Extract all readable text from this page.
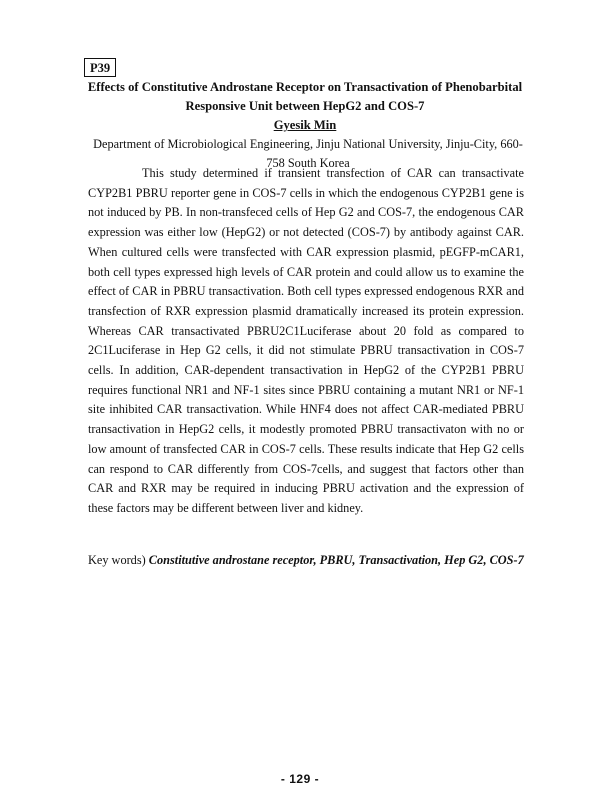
P39
Effects of Constitutive Androstane Receptor on Transactivation of Phenobarbital Responsive Unit between HepG2 and COS-7
Gyesik Min
Department of Microbiological Engineering, Jinju National University, Jinju-City, 660-758 South Korea

This study determined if transient transfection of CAR can transactivate CYP2B1 PBRU reporter gene in COS-7 cells in which the endogenous CYP2B1 gene is not induced by PB. In non-transfeced cells of Hep G2 and COS-7, the endogenous CAR expression was either low (HepG2) or not detected (COS-7) by antibody against CAR. When cultured cells were transfected with CAR expression plasmid, pEGFP-mCAR1, both cell types expressed high levels of CAR protein and could allow us to examine the effect of CAR in PBRU transactivation. Both cell types expressed endogenous RXR and transfection of RXR expression plasmid dramatically increased its protein expression. Whereas CAR transactivated PBRU2C1Luciferase about 20 fold as compared to 2C1Luciferase in Hep G2 cells, it did not stimulate PBRU transactivation in COS-7 cells. In addition, CAR-dependent transactivation in HepG2 of the CYP2B1 PBRU requires functional NR1 and NF-1 sites since PBRU containing a mutant NR1 or NF-1 site inhibited CAR transactivation. While HNF4 does not affect CAR-mediated PBRU transactivation in HepG2 cells, it modestly promoted PBRU transactivaton with no or low amount of transfected CAR in COS-7 cells. These results indicate that Hep G2 cells can respond to CAR differently from COS-7cells, and suggest that factors other than CAR and RXR may be required in inducing PBRU activation and the expression of these factors may be different between liver and kidney.

Key words) Constitutive androstane receptor, PBRU, Transactivation, Hep G2, COS-7

- 129 -
